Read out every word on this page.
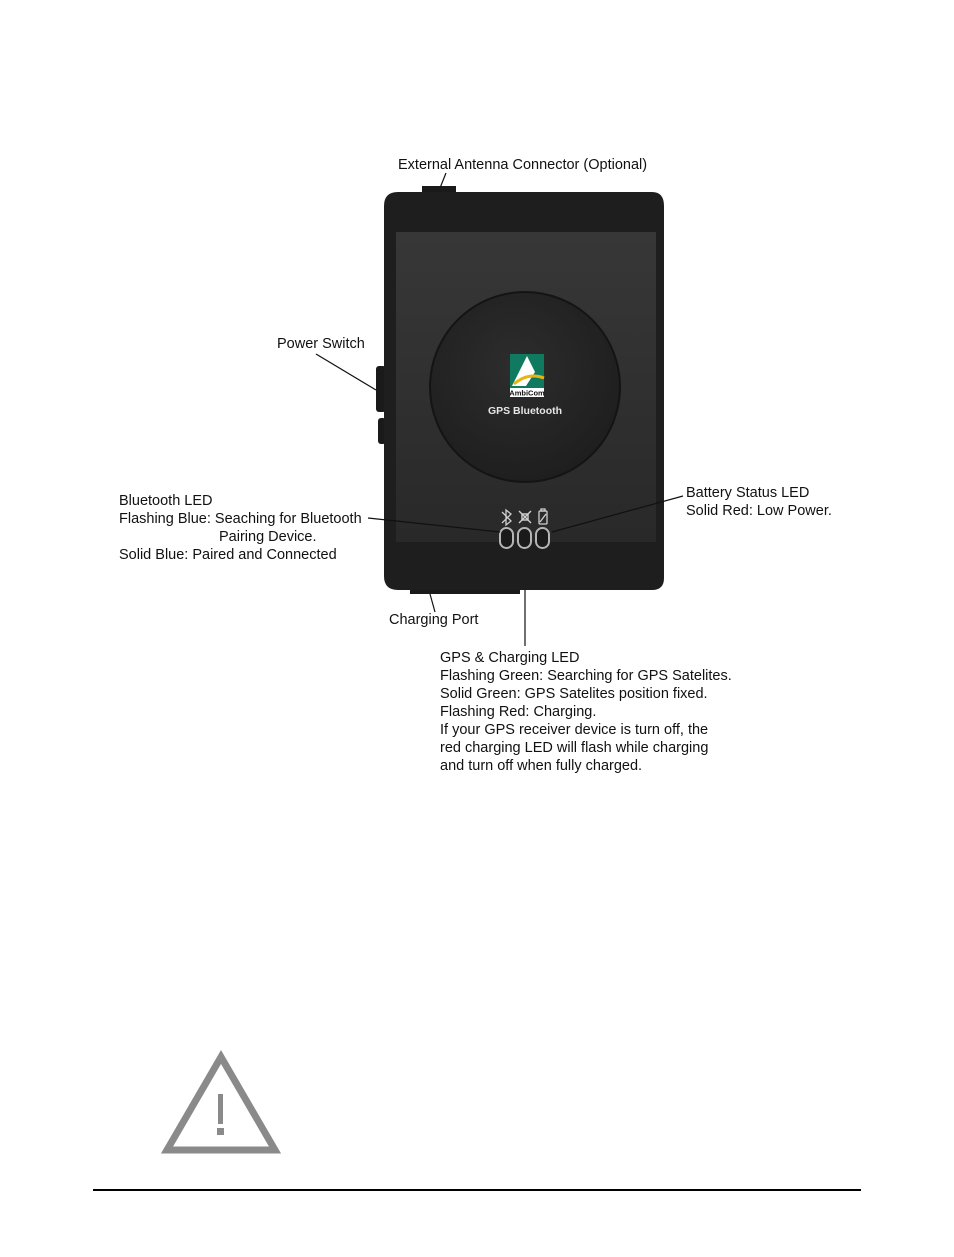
AmbiCom
GPS Bluetooth
External Antenna Connector (Optional)
Power Switch
Bluetooth LED
Flashing Blue: Seaching for Bluetooth
Pairing Device.
Solid Blue: Paired and Connected
Battery Status LED
Solid Red: Low Power.
Charging Port
GPS & Charging LED
Flashing Green: Searching for GPS Satelites.
Solid Green: GPS Satelites position fixed.
Flashing Red: Charging.
If your GPS receiver device is turn off, the
red charging LED will flash while charging
and turn off when fully charged.
